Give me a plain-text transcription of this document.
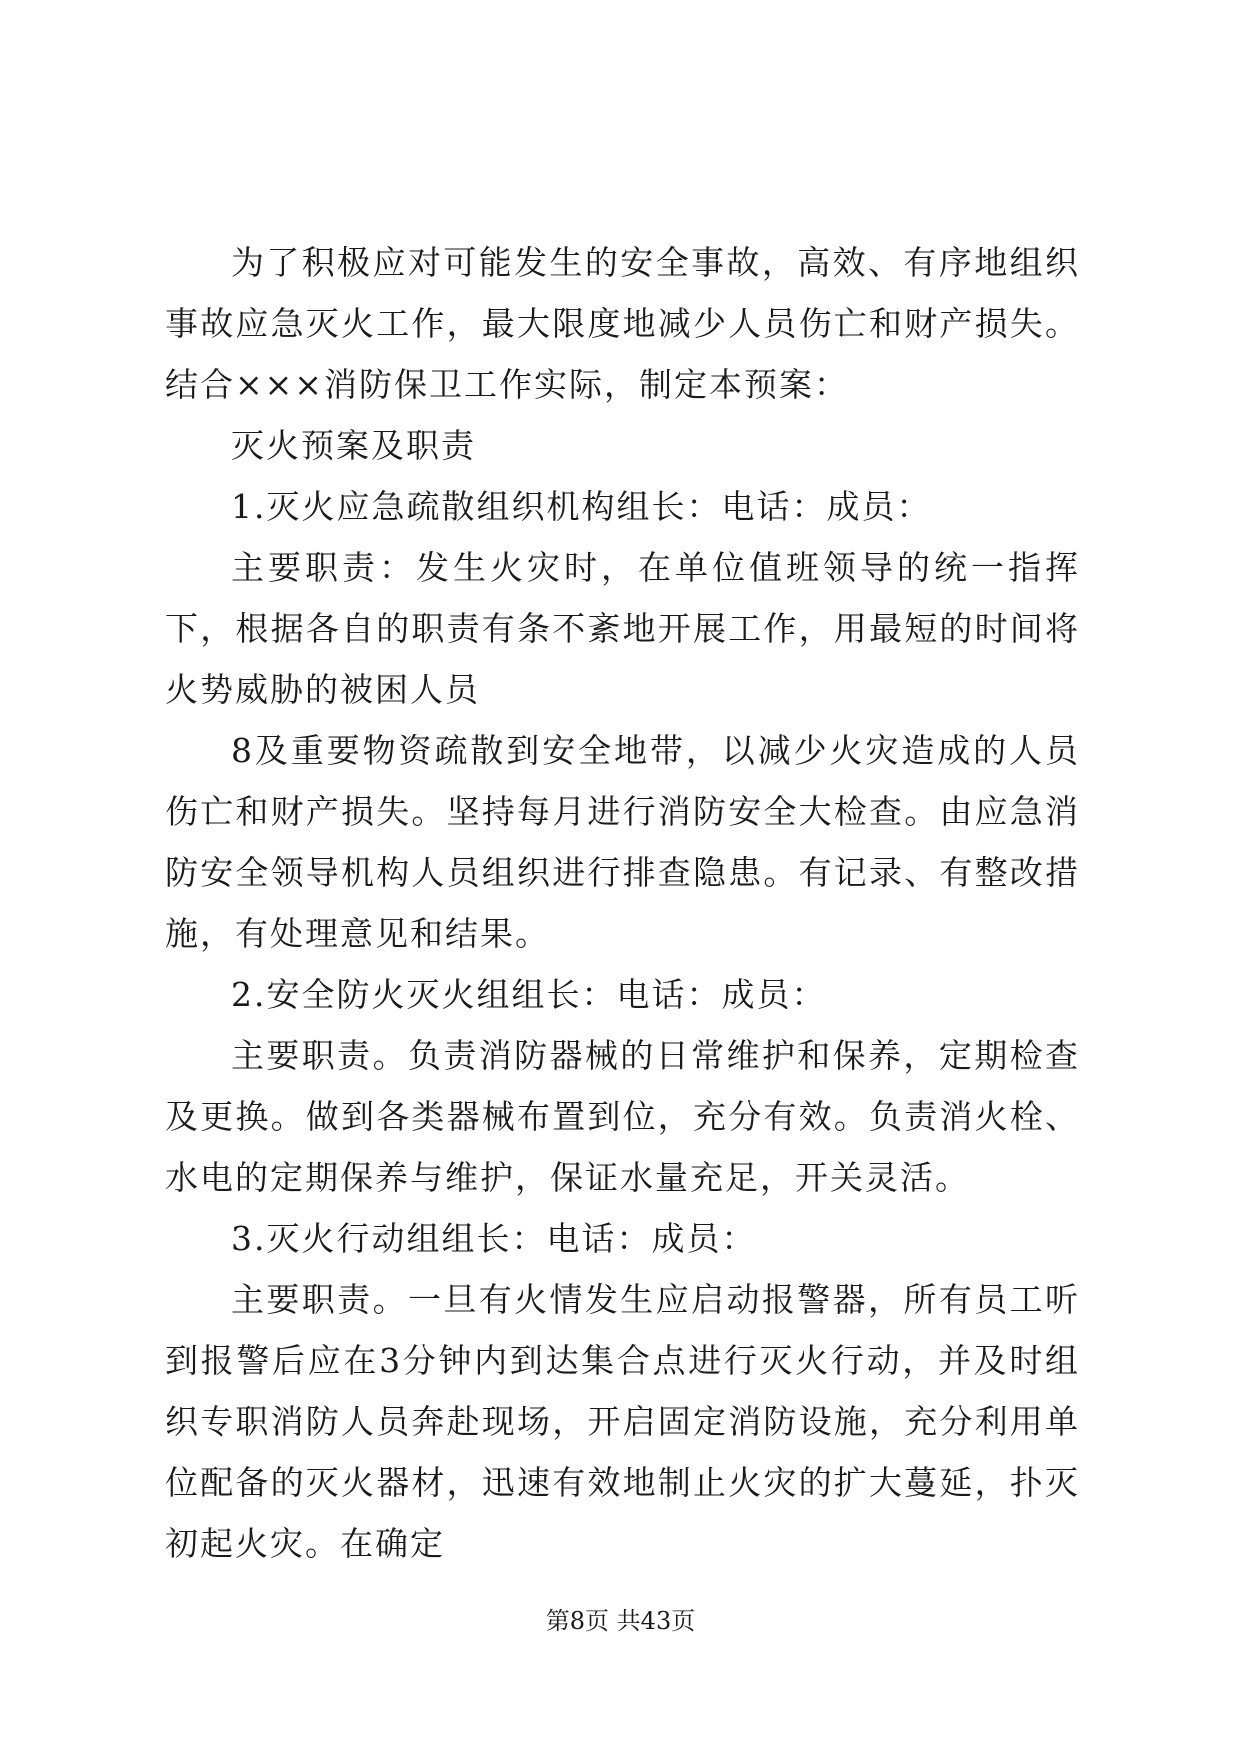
为了积极应对可能发生的安全事故，高效、有序地组织事故应急灭火工作，最大限度地减少人员伤亡和财产损失。结合×××消防保卫工作实际，制定本预案：

灭火预案及职责

1.灭火应急疏散组织机构组长：电话：成员：

主要职责：发生火灾时，在单位值班领导的统一指挥下，根据各自的职责有条不紊地开展工作，用最短的时间将火势威胁的被困人员

8及重要物资疏散到安全地带，以减少火灾造成的人员伤亡和财产损失。坚持每月进行消防安全大检查。由应急消防安全领导机构人员组织进行排查隐患。有记录、有整改措施，有处理意见和结果。

2.安全防火灭火组组长：电话：成员：

主要职责。负责消防器械的日常维护和保养，定期检查及更换。做到各类器械布置到位，充分有效。负责消火栓、水电的定期保养与维护，保证水量充足，开关灵活。

3.灭火行动组组长：电话：成员：

主要职责。一旦有火情发生应启动报警器，所有员工听到报警后应在3分钟内到达集合点进行灭火行动，并及时组织专职消防人员奔赴现场，开启固定消防设施，充分利用单位配备的灭火器材，迅速有效地制止火灾的扩大蔓延，扑灭初起火灾。在确定

第8页 共43页
